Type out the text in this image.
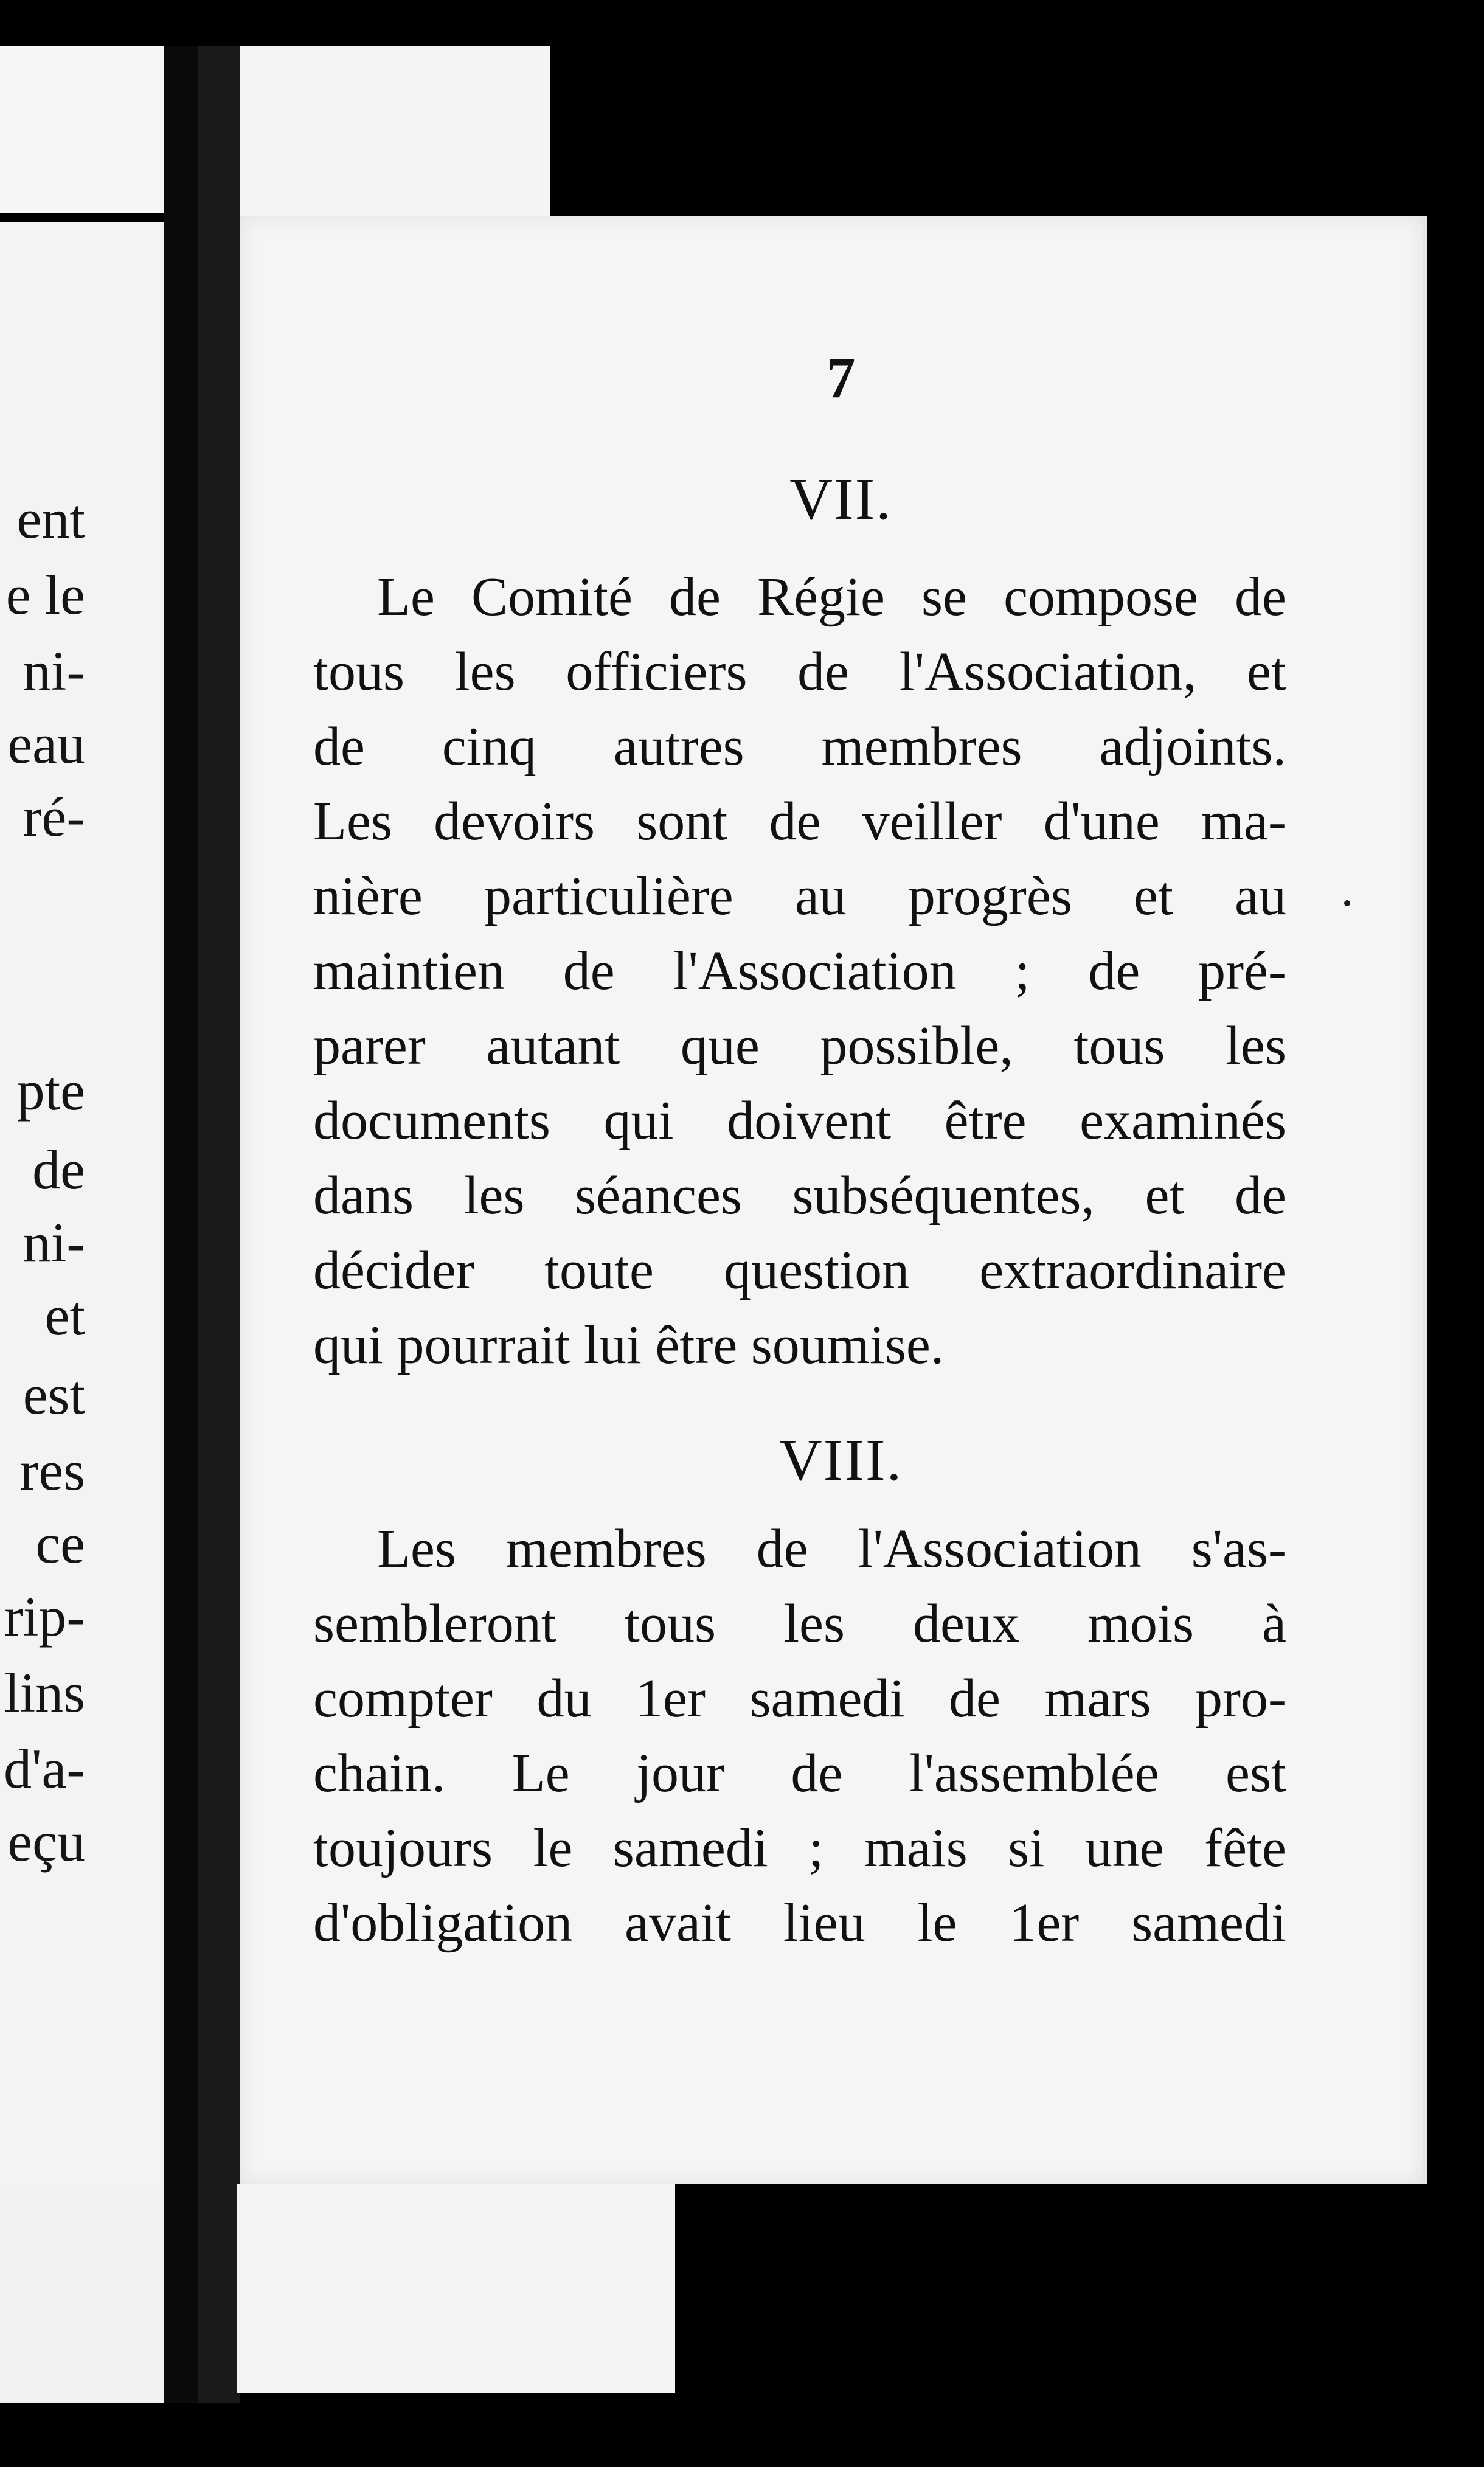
ent
e le
ni-
eau
ré-
pte
de
ni-
et
est
res
ce
rip-
lins
d'a-
eçu
7
VII.
Le Comité de Régie se compose de
tous les officiers de l'Association, et
de cinq autres membres adjoints.
Les devoirs sont de veiller d'une ma-
nière particulière au progrès et au
maintien de l'Association ; de pré-
parer autant que possible, tous les
documents qui doivent être examinés
dans les séances subséquentes, et de
décider toute question extraordinaire
qui pourrait lui être soumise.
VIII.
Les membres de l'Association s'as-
sembleront tous les deux mois à
compter du 1er samedi de mars pro-
chain. Le jour de l'assemblée est
toujours le samedi ; mais si une fête
d'obligation avait lieu le 1er samedi
